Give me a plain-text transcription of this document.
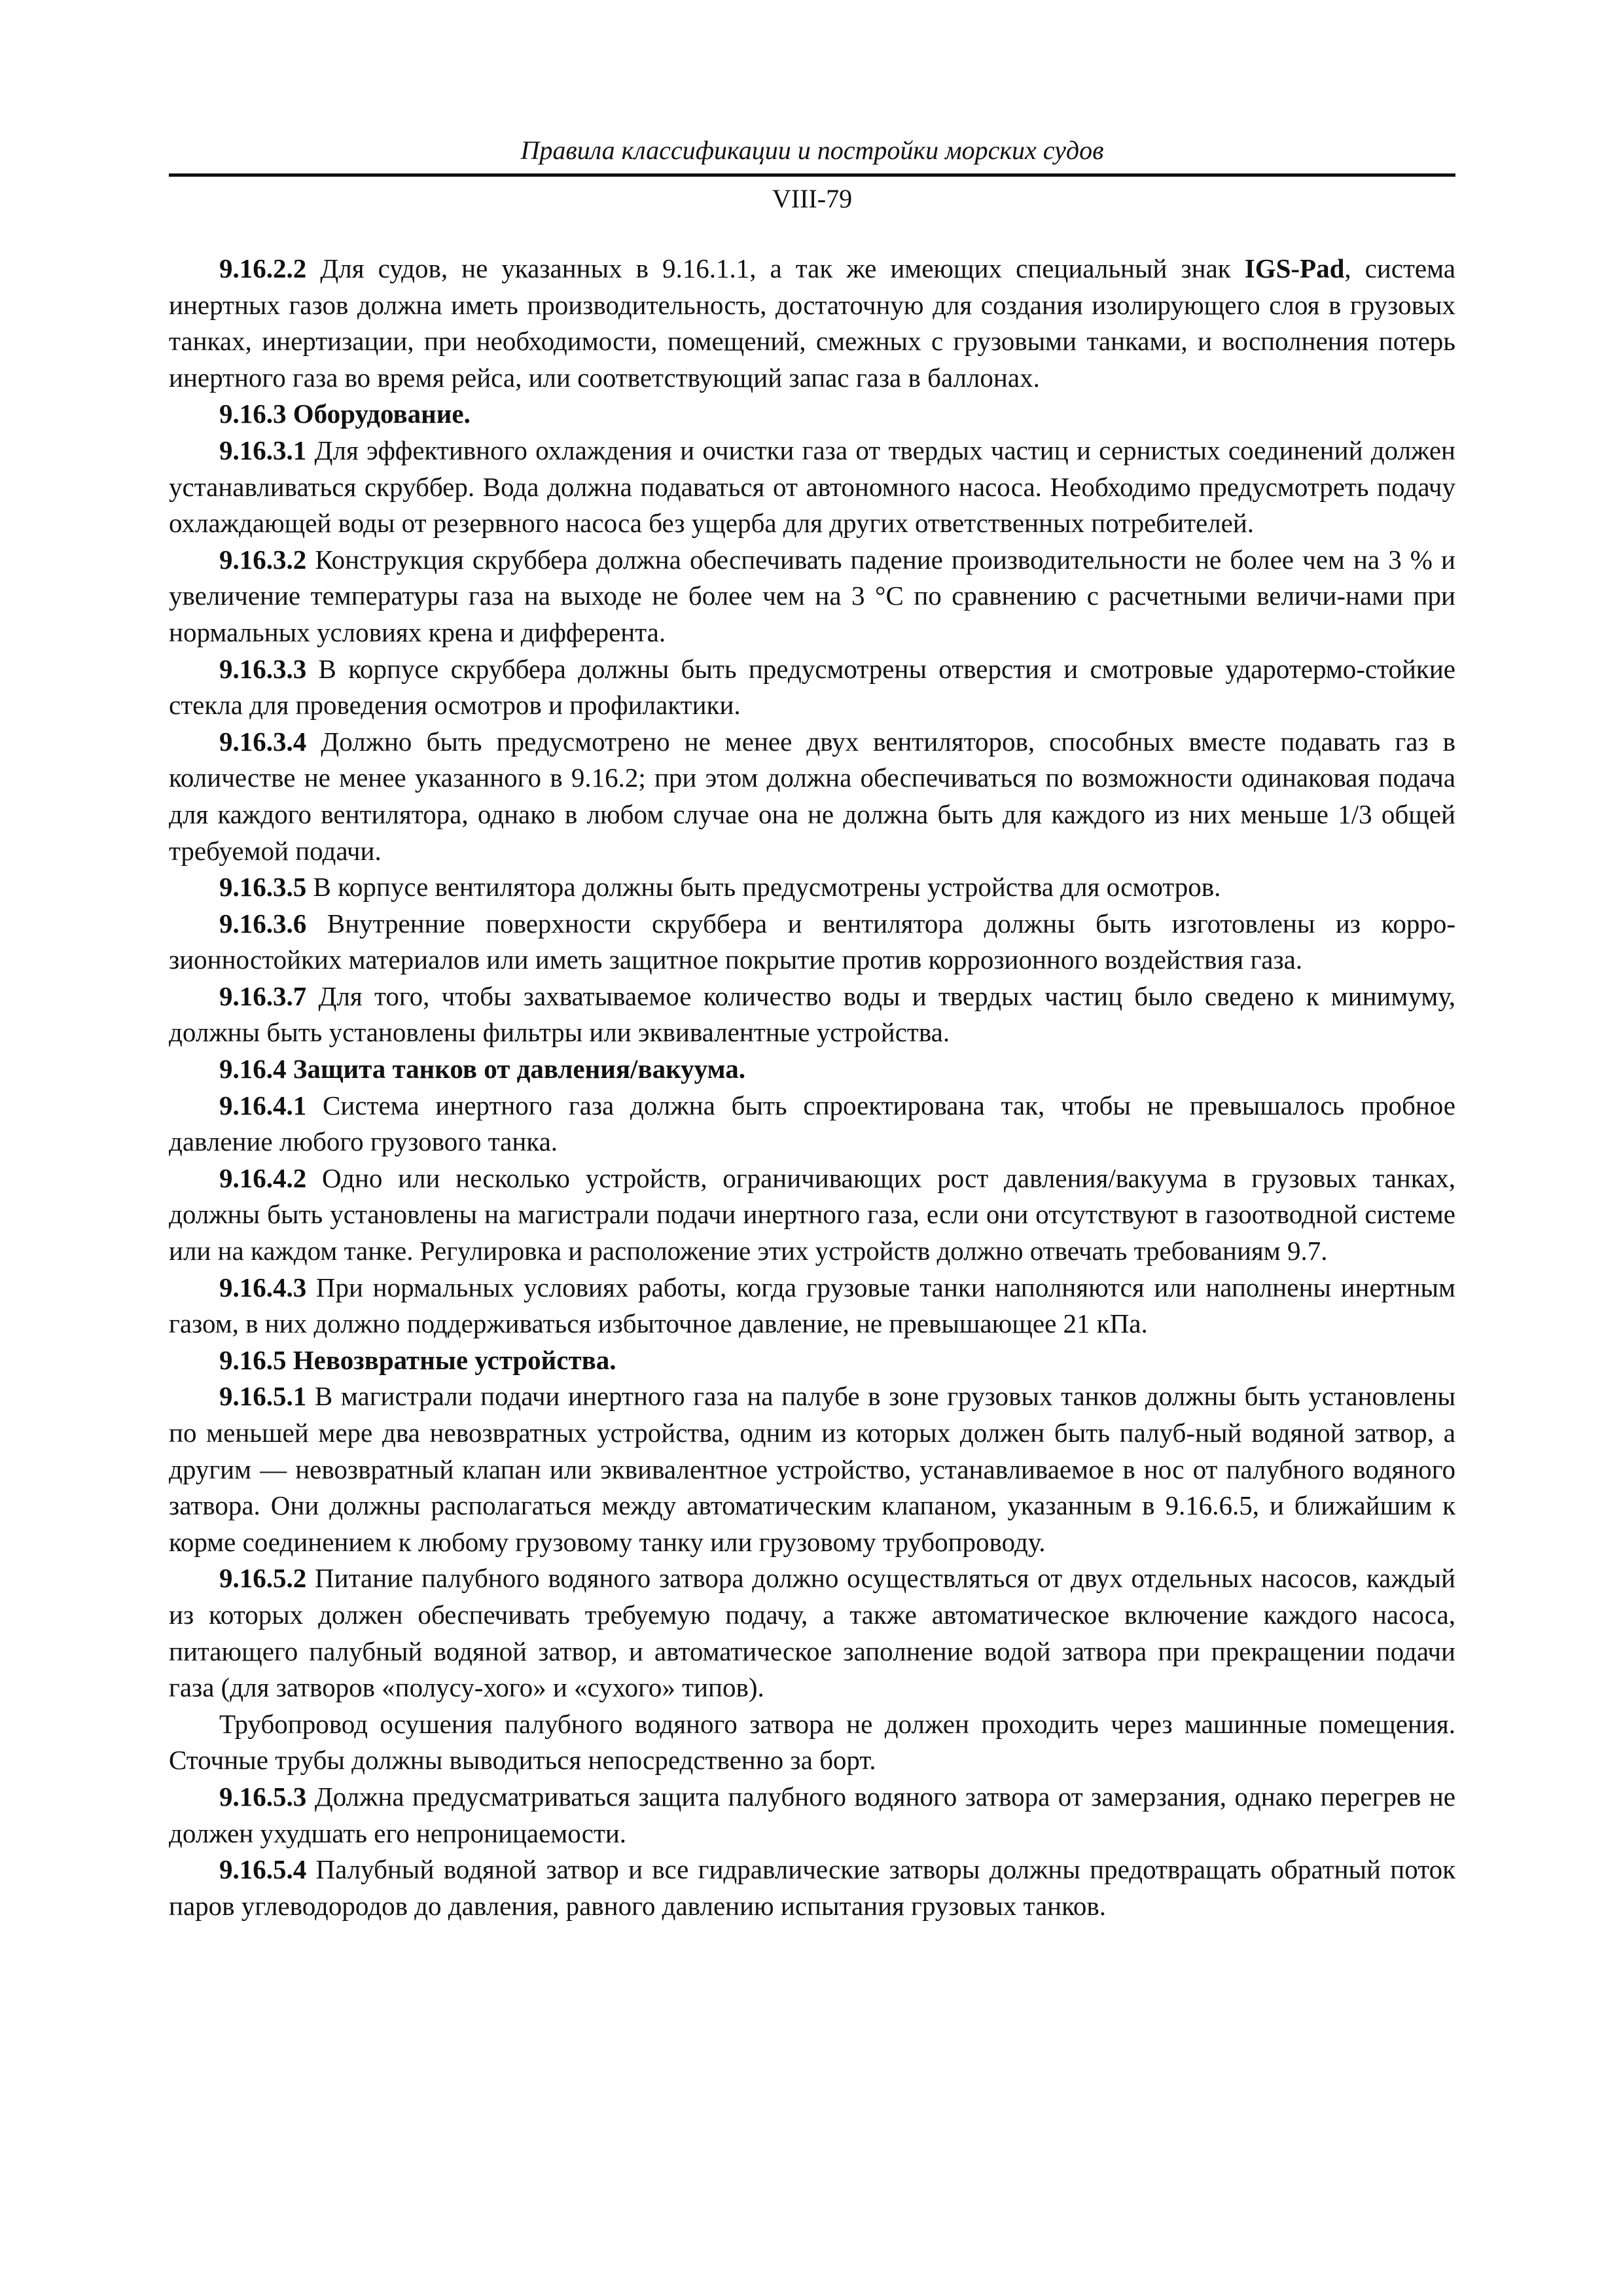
Правила классификации и постройки морских судов
VIII-79

9.16.2.2 Для судов, не указанных в 9.16.1.1, а так же имеющих специальный знак IGS-Pad, система инертных газов должна иметь производительность, достаточную для создания изолирующего слоя в грузовых танках, инертизации, при необходимости, помещений, смежных с грузовыми танками, и восполнения потерь инертного газа во время рейса, или соответствующий запас газа в баллонах.

9.16.3 Оборудование.

9.16.3.1 Для эффективного охлаждения и очистки газа от твердых частиц и сернистых соединений должен устанавливаться скруббер. Вода должна подаваться от автономного насоса. Необходимо предусмотреть подачу охлаждающей воды от резервного насоса без ущерба для других ответственных потребителей.

9.16.3.2 Конструкция скруббера должна обеспечивать падение производительности не более чем на 3 % и увеличение температуры газа на выходе не более чем на 3 °С по сравнению с расчетными величи-нами при нормальных условиях крена и дифферента.

9.16.3.3 В корпусе скруббера должны быть предусмотрены отверстия и смотровые ударотермо-стойкие стекла для проведения осмотров и профилактики.

9.16.3.4 Должно быть предусмотрено не менее двух вентиляторов, способных вместе подавать газ в количестве не менее указанного в 9.16.2; при этом должна обеспечиваться по возможности одинаковая подача для каждого вентилятора, однако в любом случае она не должна быть для каждого из них меньше 1/3 общей требуемой подачи.

9.16.3.5 В корпусе вентилятора должны быть предусмотрены устройства для осмотров.

9.16.3.6 Внутренние поверхности скруббера и вентилятора должны быть изготовлены из корро-зионностойких материалов или иметь защитное покрытие против коррозионного воздействия газа.

9.16.3.7 Для того, чтобы захватываемое количество воды и твердых частиц было сведено к минимуму, должны быть установлены фильтры или эквивалентные устройства.

9.16.4 Защита танков от давления/вакуума.

9.16.4.1 Система инертного газа должна быть спроектирована так, чтобы не превышалось пробное давление любого грузового танка.

9.16.4.2 Одно или несколько устройств, ограничивающих рост давления/вакуума в грузовых танках, должны быть установлены на магистрали подачи инертного газа, если они отсутствуют в газоотводной системе или на каждом танке. Регулировка и расположение этих устройств должно отвечать требованиям 9.7.

9.16.4.3 При нормальных условиях работы, когда грузовые танки наполняются или наполнены инертным газом, в них должно поддерживаться избыточное давление, не превышающее 21 кПа.

9.16.5 Невозвратные устройства.

9.16.5.1 В магистрали подачи инертного газа на палубе в зоне грузовых танков должны быть установлены по меньшей мере два невозвратных устройства, одним из которых должен быть палуб-ный водяной затвор, а другим — невозвратный клапан или эквивалентное устройство, устанавливаемое в нос от палубного водяного затвора. Они должны располагаться между автоматическим клапаном, указанным в 9.16.6.5, и ближайшим к корме соединением к любому грузовому танку или грузовому трубопроводу.

9.16.5.2 Питание палубного водяного затвора должно осуществляться от двух отдельных насосов, каждый из которых должен обеспечивать требуемую подачу, а также автоматическое включение каждого насоса, питающего палубный водяной затвор, и автоматическое заполнение водой затвора при прекращении подачи газа (для затворов «полусу-хого» и «сухого» типов).

Трубопровод осушения палубного водяного затвора не должен проходить через машинные помещения. Сточные трубы должны выводиться непосредственно за борт.

9.16.5.3 Должна предусматриваться защита палубного водяного затвора от замерзания, однако перегрев не должен ухудшать его непроницаемости.

9.16.5.4 Палубный водяной затвор и все гидравлические затворы должны предотвращать обратный поток паров углеводородов до давления, равного давлению испытания грузовых танков.
